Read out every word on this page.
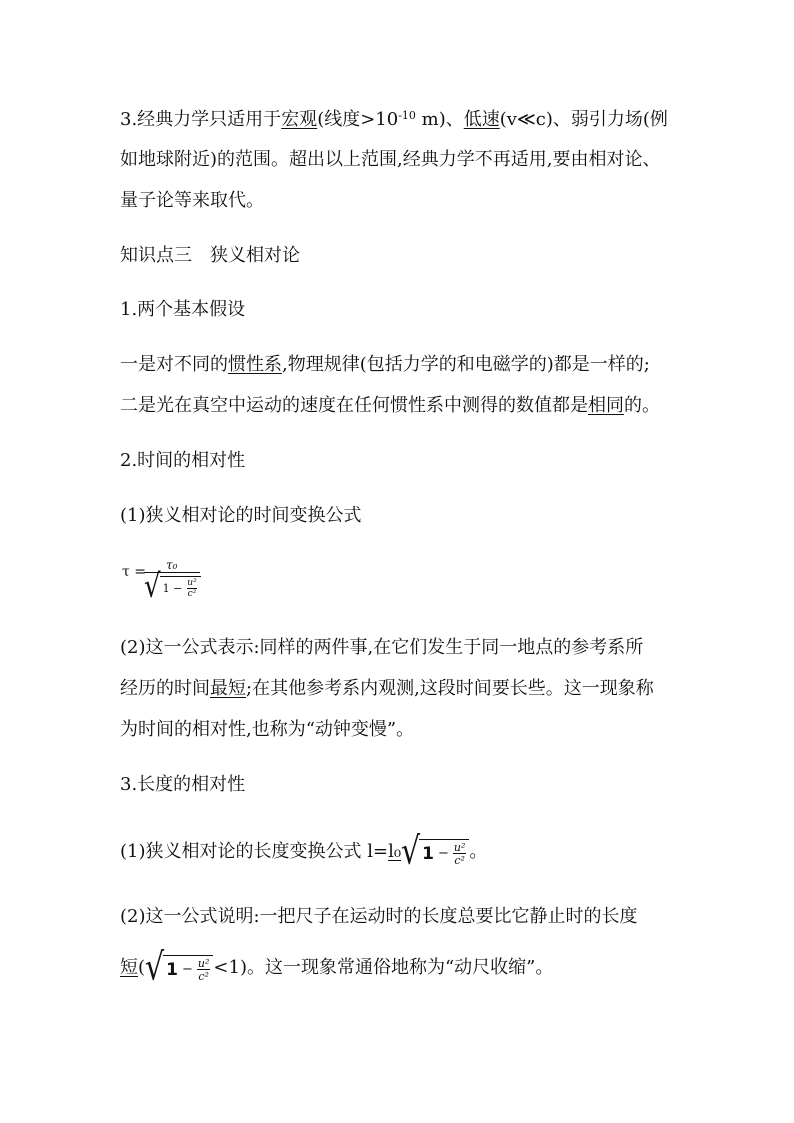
3.经典力学只适用于宏观(线度$>10^{-10}$ m)、低速(v≪c)、弱引力场(例
如地球附近)的范围。超出以上范围,经典力学不再适用,要由相对论、
量子论等来取代。
知识点三　狭义相对论
1.两个基本假设
一是对不同的惯性系,物理规律(包括力学的和电磁学的)都是一样的;
二是光在真空中运动的速度在任何惯性系中测得的数值都是相同的。
2.时间的相对性
(1)狭义相对论的时间变换公式
τ = τ₀
√ $1 - \frac{\text{u²}}{\text{c²}}$
(2)这一公式表示:同样的两件事,在它们发生于同一地点的参考系所
经历的时间最短;在其他参考系内观测,这段时间要长些。这一现象称
为时间的相对性,也称为“动钟变慢”。
3.长度的相对性
(1)狭义相对论的长度变换公式 l= l₀ √ $1 - \frac{\text{u²}}{\text{c²}}$ 。
(2)这一公式说明:一把尺子在运动时的长度总要比它静止时的长度
短 ( √ $1 - \frac{\text{u²}}{\text{c²}} <1$)。这一现象常通俗地称为“动尺收缩”。
